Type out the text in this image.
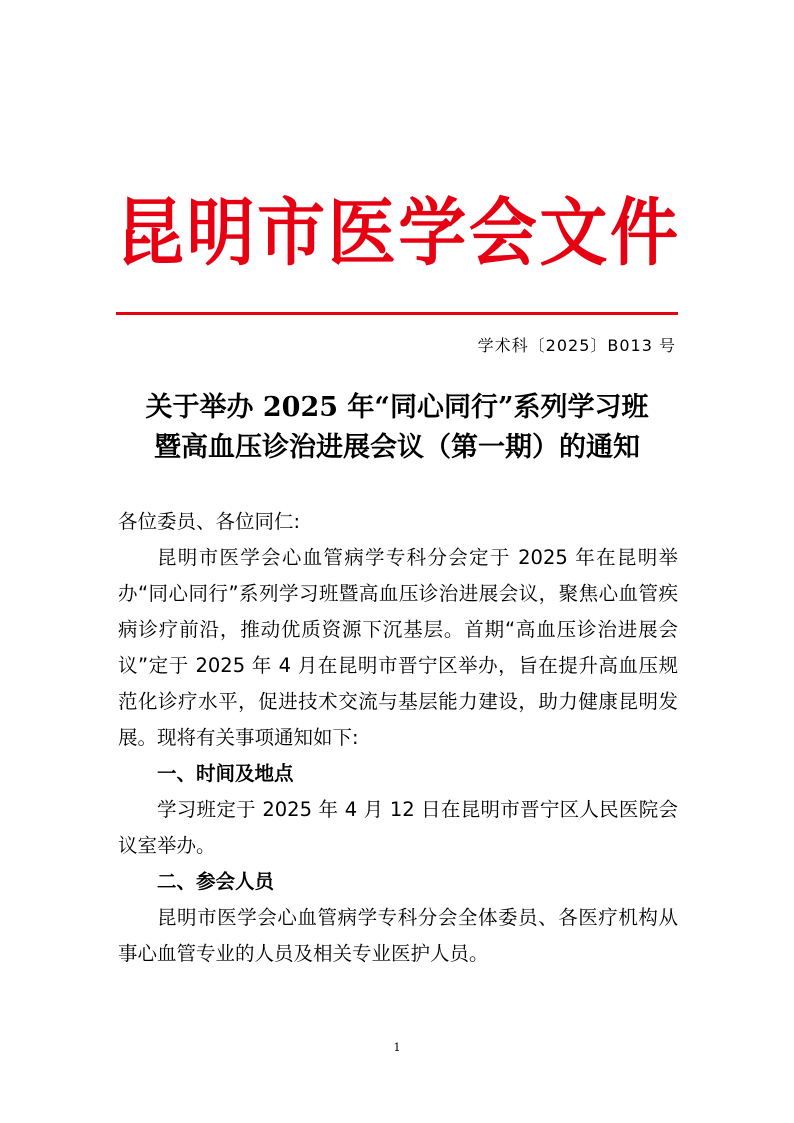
昆 明 市 医 学 会 文 件
学术科〔2025〕B013 号
关于举办 2025 年“同心同行”系列学习班
暨高血压诊治进展会议（第一期）的通知

各位委员、各位同仁:

昆明市医学会心血管病学专科分会定于 2025 年在昆明举办“同心同行”系列学习班暨高血压诊治进展会议，聚焦心血管疾病诊疗前沿，推动优质资源下沉基层。首期“高血压诊治进展会议”定于 2025 年 4 月在昆明市晋宁区举办，旨在提升高血压规范化诊疗水平，促进技术交流与基层能力建设，助力健康昆明发展。现将有关事项通知如下:

一、时间及地点

学习班定于 2025 年 4 月 12 日在昆明市晋宁区人民医院会议室举办。

二、参会人员

昆明市医学会心血管病学专科分会全体委员、各医疗机构从事心血管专业的人员及相关专业医护人员。

1
